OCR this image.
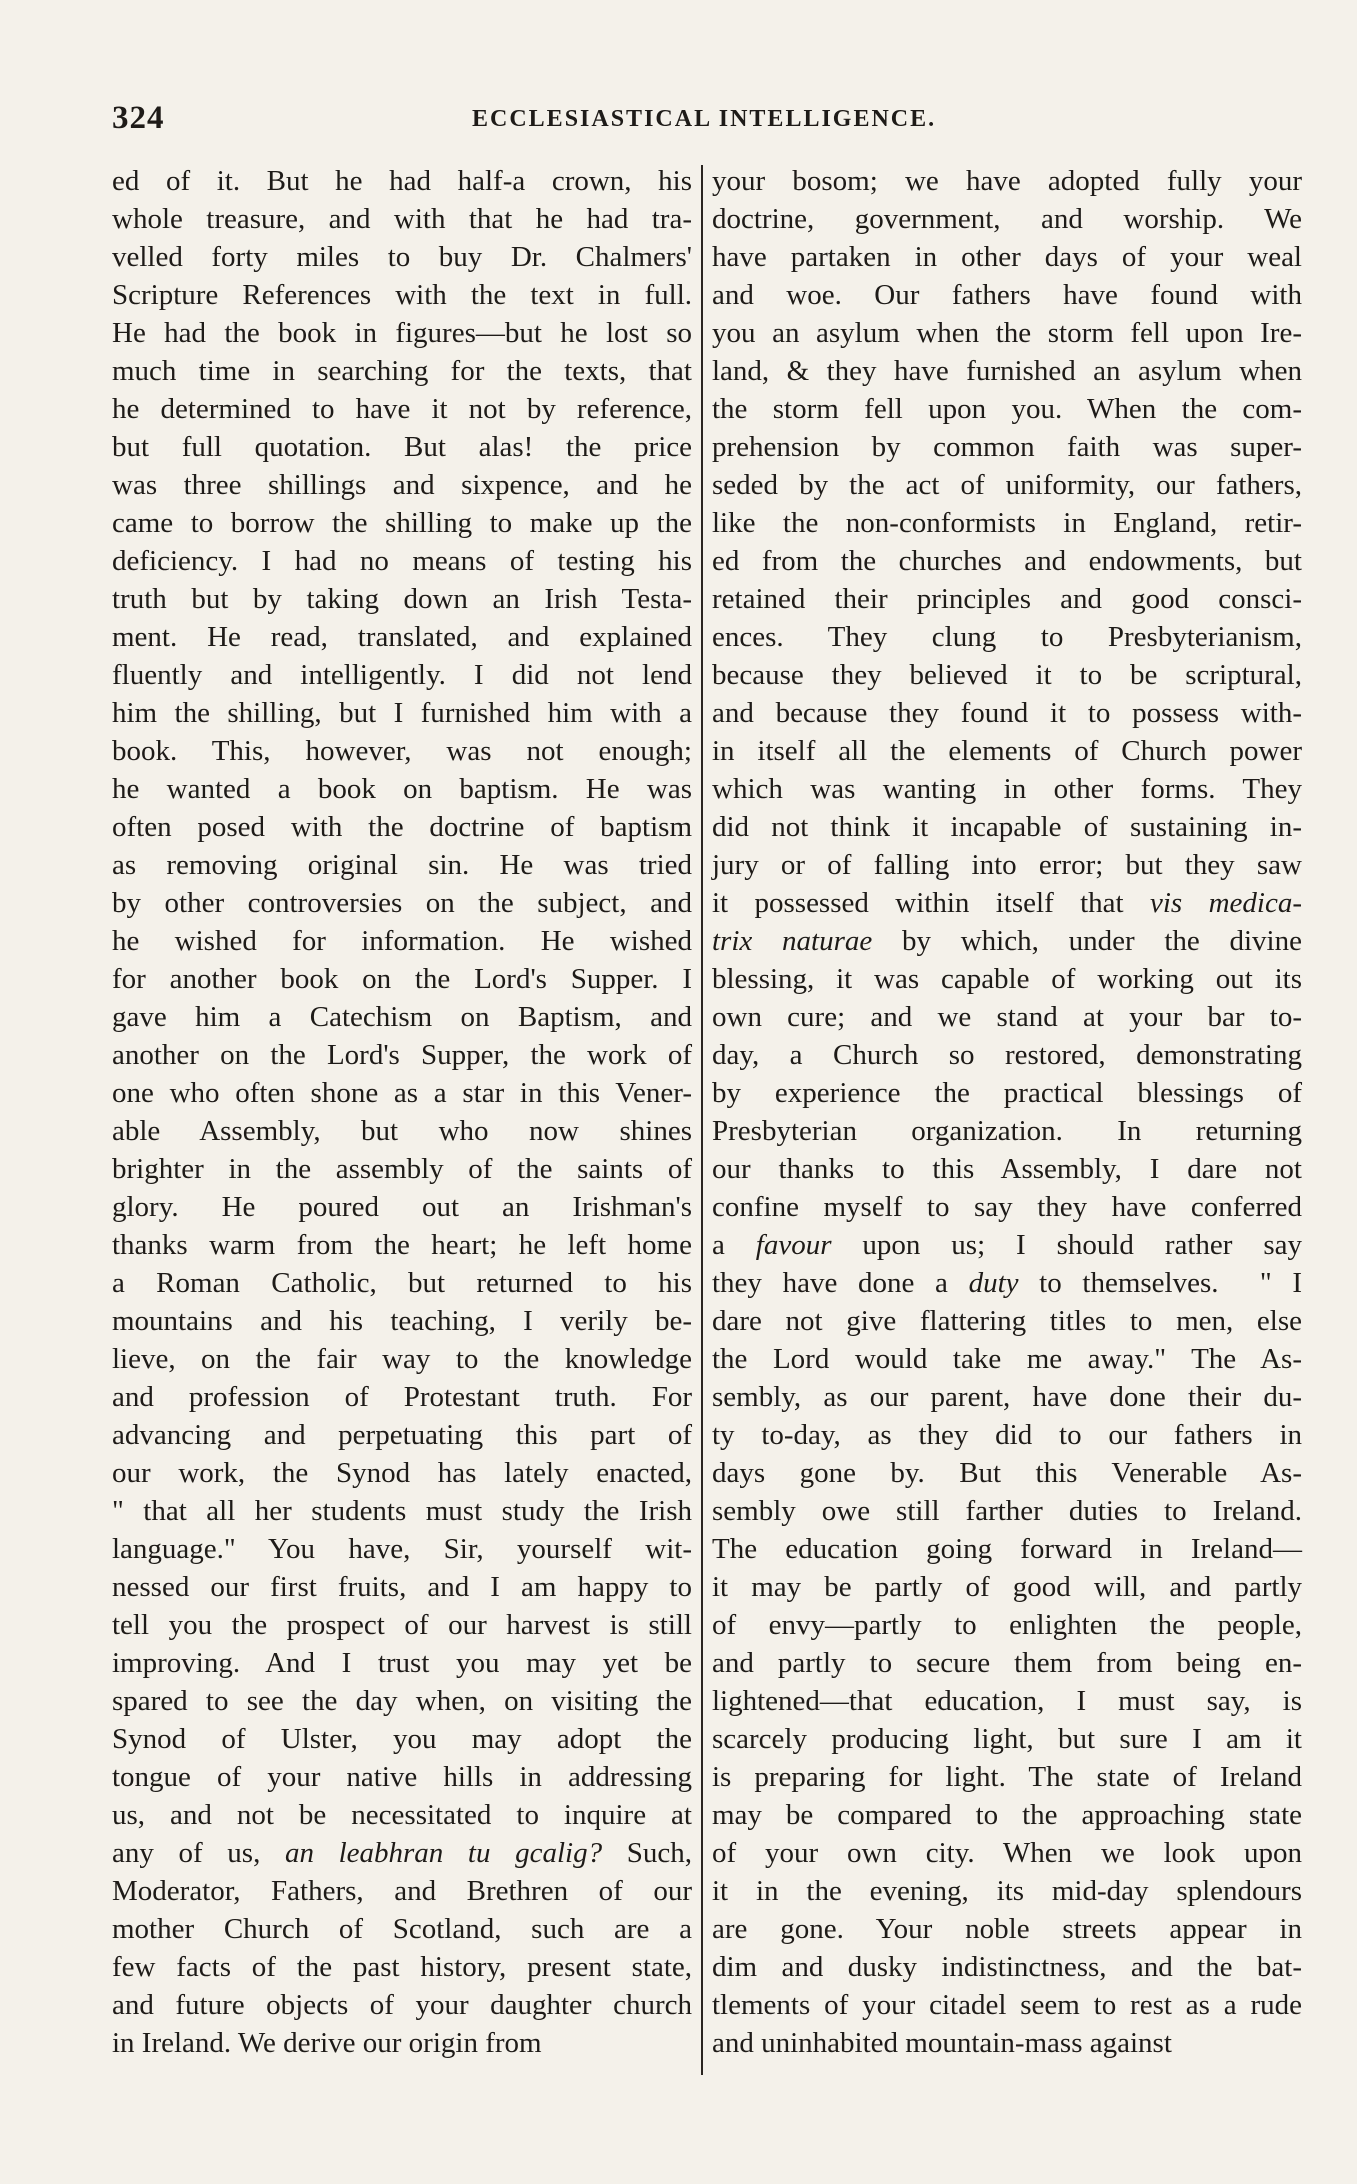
324	ECCLESIASTICAL INTELLIGENCE.
ed of it. But he had half-a crown, his
whole treasure, and with that he had tra-
velled forty miles to buy Dr. Chalmers'
Scripture References with the text in full.
He had the book in figures—but he lost so
much time in searching for the texts, that
he determined to have it not by reference,
but full quotation. But alas! the price
was three shillings and sixpence, and he
came to borrow the shilling to make up the
deficiency. I had no means of testing his
truth but by taking down an Irish Testa-
ment. He read, translated, and explained
fluently and intelligently. I did not lend
him the shilling, but I furnished him with a
book. This, however, was not enough;
he wanted a book on baptism. He was
often posed with the doctrine of baptism
as removing original sin. He was tried
by other controversies on the subject, and
he wished for information. He wished
for another book on the Lord's Supper. I
gave him a Catechism on Baptism, and
another on the Lord's Supper, the work of
one who often shone as a star in this Vener-
able Assembly, but who now shines
brighter in the assembly of the saints of
glory. He poured out an Irishman's
thanks warm from the heart; he left home
a Roman Catholic, but returned to his
mountains and his teaching, I verily be-
lieve, on the fair way to the knowledge
and profession of Protestant truth. For
advancing and perpetuating this part of
our work, the Synod has lately enacted,
" that all her students must study the Irish
language." You have, Sir, yourself wit-
nessed our first fruits, and I am happy to
tell you the prospect of our harvest is still
improving. And I trust you may yet be
spared to see the day when, on visiting the
Synod of Ulster, you may adopt the
tongue of your native hills in addressing
us, and not be necessitated to inquire at
any of us, an leabhran tu gcalig? Such,
Moderator, Fathers, and Brethren of our
mother Church of Scotland, such are a
few facts of the past history, present state,
and future objects of your daughter church
in Ireland. We derive our origin from
your bosom; we have adopted fully your
doctrine, government, and worship. We
have partaken in other days of your weal
and woe. Our fathers have found with
you an asylum when the storm fell upon Ire-
land, & they have furnished an asylum when
the storm fell upon you. When the com-
prehension by common faith was super-
seded by the act of uniformity, our fathers,
like the non-conformists in England, retir-
ed from the churches and endowments, but
retained their principles and good consci-
ences. They clung to Presbyterianism,
because they believed it to be scriptural,
and because they found it to possess with-
in itself all the elements of Church power
which was wanting in other forms. They
did not think it incapable of sustaining in-
jury or of falling into error; but they saw
it possessed within itself that vis medica-
trix naturae by which, under the divine
blessing, it was capable of working out its
own cure; and we stand at your bar to-
day, a Church so restored, demonstrating
by experience the practical blessings of
Presbyterian organization. In returning
our thanks to this Assembly, I dare not
confine myself to say they have conferred
a favour upon us; I should rather say
they have done a duty to themselves. " I
dare not give flattering titles to men, else
the Lord would take me away." The As-
sembly, as our parent, have done their du-
ty to-day, as they did to our fathers in
days gone by. But this Venerable As-
sembly owe still farther duties to Ireland.
The education going forward in Ireland—
it may be partly of good will, and partly
of envy—partly to enlighten the people,
and partly to secure them from being en-
lightened—that education, I must say, is
scarcely producing light, but sure I am it
is preparing for light. The state of Ireland
may be compared to the approaching state
of your own city. When we look upon
it in the evening, its mid-day splendours
are gone. Your noble streets appear in
dim and dusky indistinctness, and the bat-
tlements of your citadel seem to rest as a rude
and uninhabited mountain-mass against
